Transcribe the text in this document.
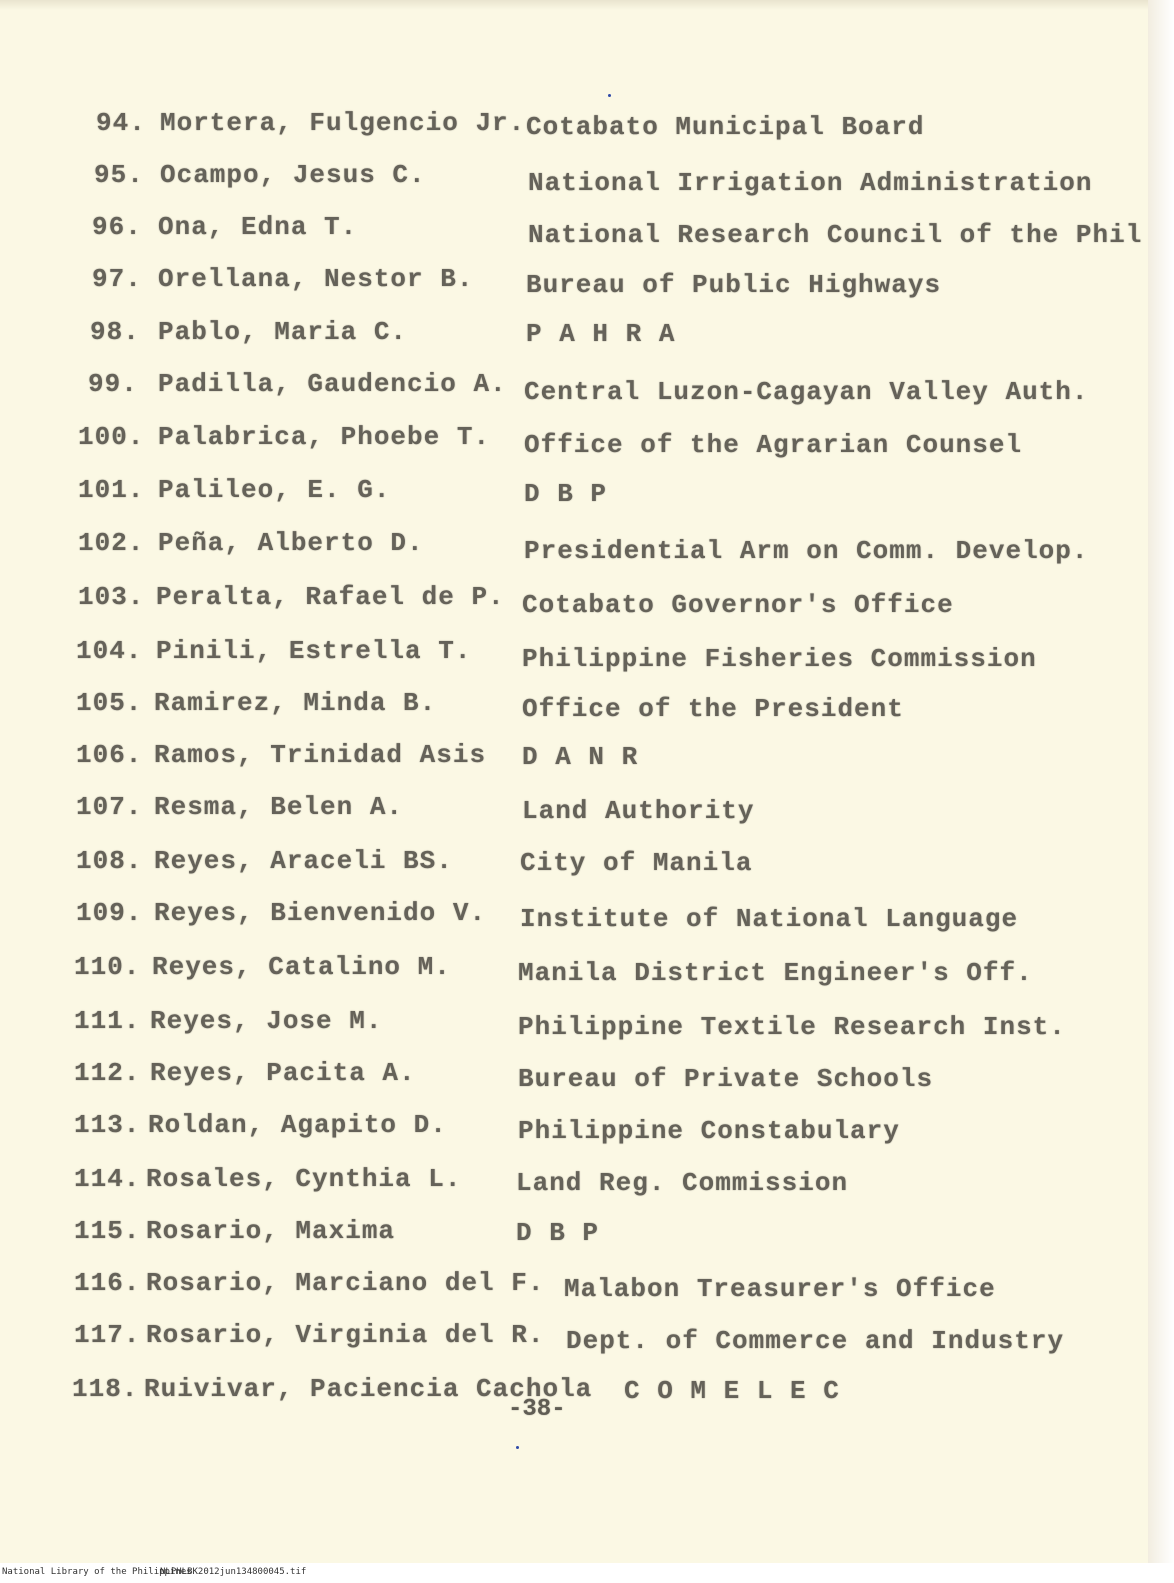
94. Mortera, Fulgencio Jr. Cotabato Municipal Board
95. Ocampo, Jesus C.	National Irrigation Administration
96. Ona, Edna T.	National Research Council of the Phil
97. Orellana, Nestor B. Bureau of Public Highways
98. Pablo, Maria C.	P A H R A
99. Padilla, Gaudencio A. Central Luzon-Cagayan Valley Auth.
100. Palabrica, Phoebe T. Office of the Agrarian Counsel
101. Palileo, E. G.	D B P
102. Peña, Alberto D.	Presidential Arm on Comm. Develop.
103. Peralta, Rafael de P. Cotabato Governor's Office
104. Pinili, Estrella T. Philippine Fisheries Commission
105. Ramirez, Minda B.	Office of the President
106. Ramos, Trinidad Asis D A N R
107. Resma, Belen A.	Land Authority
108. Reyes, Araceli BS.	City of Manila
109. Reyes, Bienvenido V. Institute of National Language
110. Reyes, Catalino M.	Manila District Engineer's Off.
111. Reyes, Jose M.	Philippine Textile Research Inst.
112. Reyes, Pacita A.	Bureau of Private Schools
113. Roldan, Agapito D.	Philippine Constabulary
114. Rosales, Cynthia L. Land Reg. Commission
115. Rosario, Maxima	D B P
116. Rosario, Marciano del F. Malabon Treasurer's Office
117. Rosario, Virginia del R. Dept. of Commerce and Industry
118. Ruivivar, Paciencia Cachola C O M E L E C
-38-
National Library of the Philippines
NLPHLBK2012jun134800045.tif
